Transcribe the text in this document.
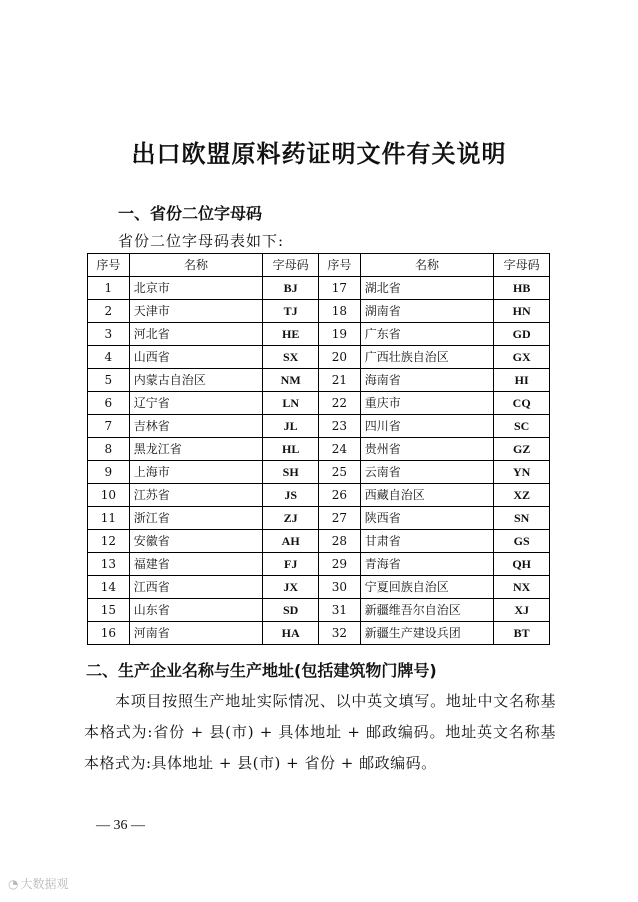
出口欧盟原料药证明文件有关说明
一、省份二位字母码
省份二位字母码表如下:
序号	名称	字母码	序号	名称	字母码
1	北京市	BJ	17	湖北省	HB
2	天津市	TJ	18	湖南省	HN
3	河北省	HE	19	广东省	GD
4	山西省	SX	20	广西壮族自治区	GX
5	内蒙古自治区	NM	21	海南省	HI
6	辽宁省	LN	22	重庆市	CQ
7	吉林省	JL	23	四川省	SC
8	黑龙江省	HL	24	贵州省	GZ
9	上海市	SH	25	云南省	YN
10	江苏省	JS	26	西藏自治区	XZ
11	浙江省	ZJ	27	陕西省	SN
12	安徽省	AH	28	甘肃省	GS
13	福建省	FJ	29	青海省	QH
14	江西省	JX	30	宁夏回族自治区	NX
15	山东省	SD	31	新疆维吾尔自治区	XJ
16	河南省	HA	32	新疆生产建设兵团	BT
二、生产企业名称与生产地址(包括建筑物门牌号)
本项目按照生产地址实际情况、以中英文填写。地址中文名称基本格式为:省份 + 县(市) + 具体地址 + 邮政编码。地址英文名称基本格式为:具体地址 + 县(市) + 省份 + 邮政编码。
— 36 —
◔ 大数据观
